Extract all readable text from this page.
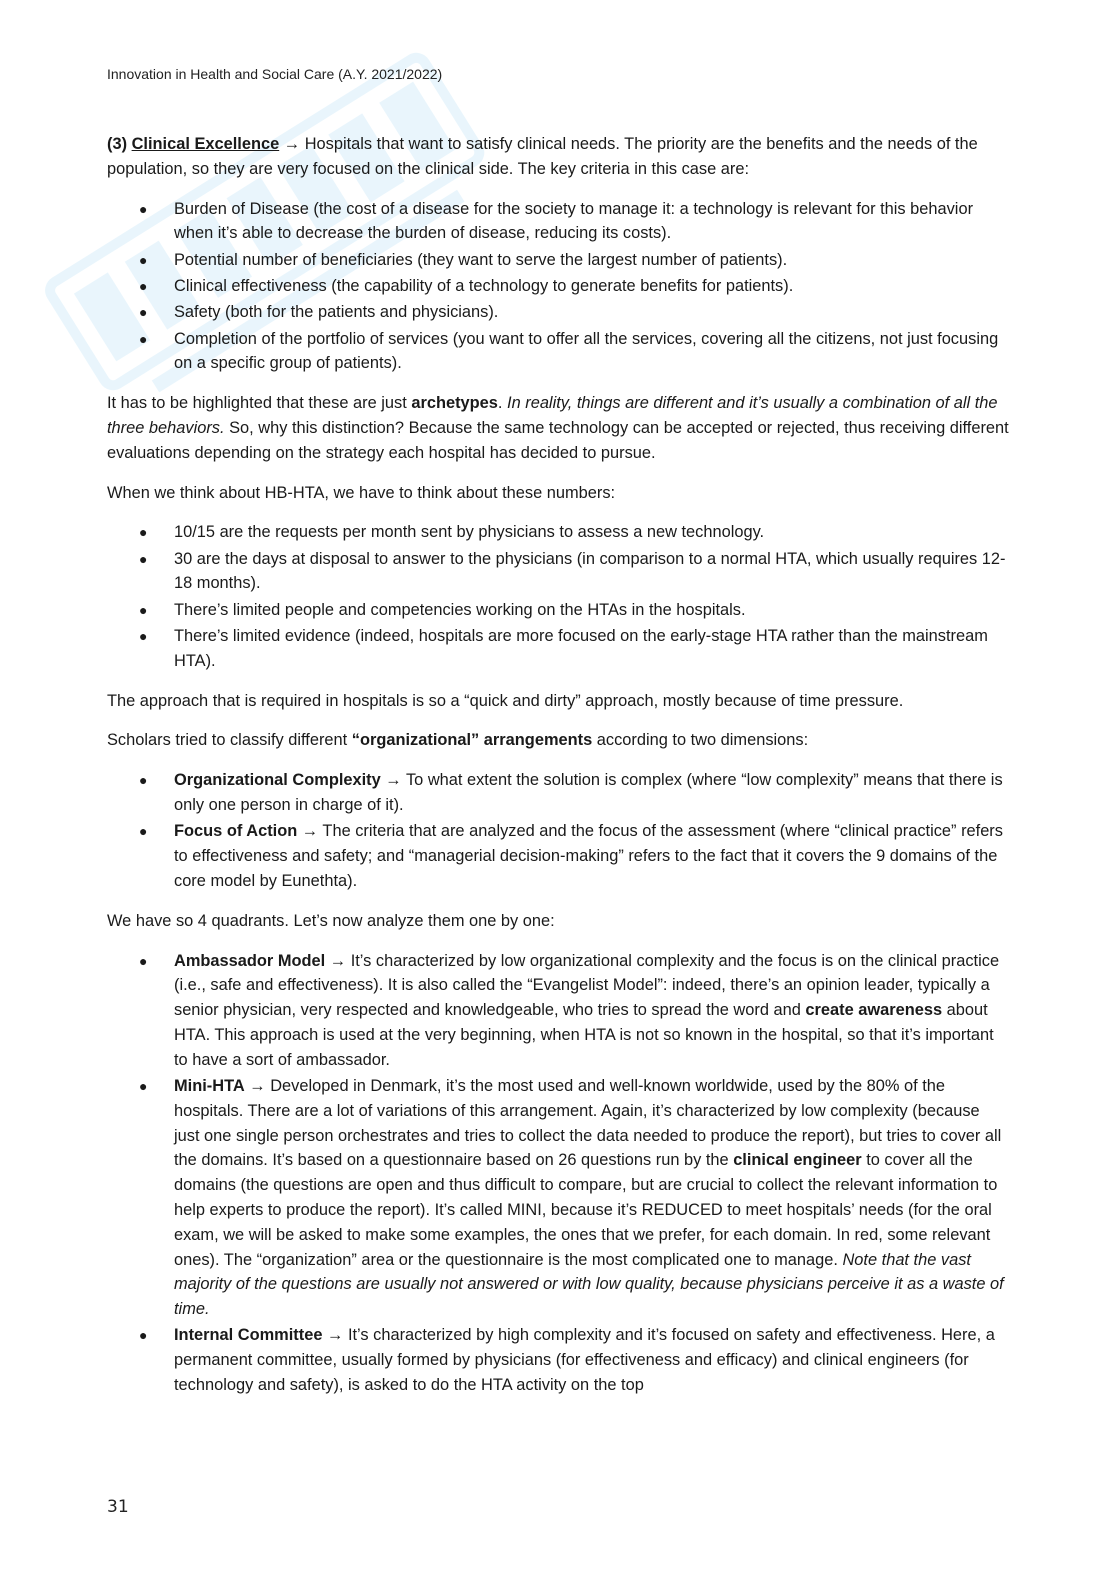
Innovation in Health and Social Care (A.Y. 2021/2022)

(3) Clinical Excellence → Hospitals that want to satisfy clinical needs. The priority are the benefits and the needs of the population, so they are very focused on the clinical side. The key criteria in this case are:

● Burden of Disease (the cost of a disease for the society to manage it: a technology is relevant for this behavior when it’s able to decrease the burden of disease, reducing its costs).
● Potential number of beneficiaries (they want to serve the largest number of patients).
● Clinical effectiveness (the capability of a technology to generate benefits for patients).
● Safety (both for the patients and physicians).
● Completion of the portfolio of services (you want to offer all the services, covering all the citizens, not just focusing on a specific group of patients).

It has to be highlighted that these are just archetypes. In reality, things are different and it’s usually a combination of all the three behaviors. So, why this distinction? Because the same technology can be accepted or rejected, thus receiving different evaluations depending on the strategy each hospital has decided to pursue.

When we think about HB-HTA, we have to think about these numbers:

● 10/15 are the requests per month sent by physicians to assess a new technology.
● 30 are the days at disposal to answer to the physicians (in comparison to a normal HTA, which usually requires 12-18 months).
● There’s limited people and competencies working on the HTAs in the hospitals.
● There’s limited evidence (indeed, hospitals are more focused on the early-stage HTA rather than the mainstream HTA).

The approach that is required in hospitals is so a “quick and dirty” approach, mostly because of time pressure.

Scholars tried to classify different “organizational” arrangements according to two dimensions:

● Organizational Complexity → To what extent the solution is complex (where “low complexity” means that there is only one person in charge of it).
● Focus of Action → The criteria that are analyzed and the focus of the assessment (where “clinical practice” refers to effectiveness and safety; and “managerial decision-making” refers to the fact that it covers the 9 domains of the core model by Eunethta).

We have so 4 quadrants. Let’s now analyze them one by one:

● Ambassador Model → It’s characterized by low organizational complexity and the focus is on the clinical practice (i.e., safe and effectiveness). It is also called the “Evangelist Model”: indeed, there’s an opinion leader, typically a senior physician, very respected and knowledgeable, who tries to spread the word and create awareness about HTA. This approach is used at the very beginning, when HTA is not so known in the hospital, so that it’s important to have a sort of ambassador.
● Mini-HTA → Developed in Denmark, it’s the most used and well-known worldwide, used by the 80% of the hospitals. There are a lot of variations of this arrangement. Again, it’s characterized by low complexity (because just one single person orchestrates and tries to collect the data needed to produce the report), but tries to cover all the domains. It’s based on a questionnaire based on 26 questions run by the clinical engineer to cover all the domains (the questions are open and thus difficult to compare, but are crucial to collect the relevant information to help experts to produce the report). It’s called MINI, because it’s REDUCED to meet hospitals’ needs (for the oral exam, we will be asked to make some examples, the ones that we prefer, for each domain. In red, some relevant ones). The “organization” area or the questionnaire is the most complicated one to manage. Note that the vast majority of the questions are usually not answered or with low quality, because physicians perceive it as a waste of time.
● Internal Committee → It’s characterized by high complexity and it’s focused on safety and effectiveness. Here, a permanent committee, usually formed by physicians (for effectiveness and efficacy) and clinical engineers (for technology and safety), is asked to do the HTA activity on the top
31
